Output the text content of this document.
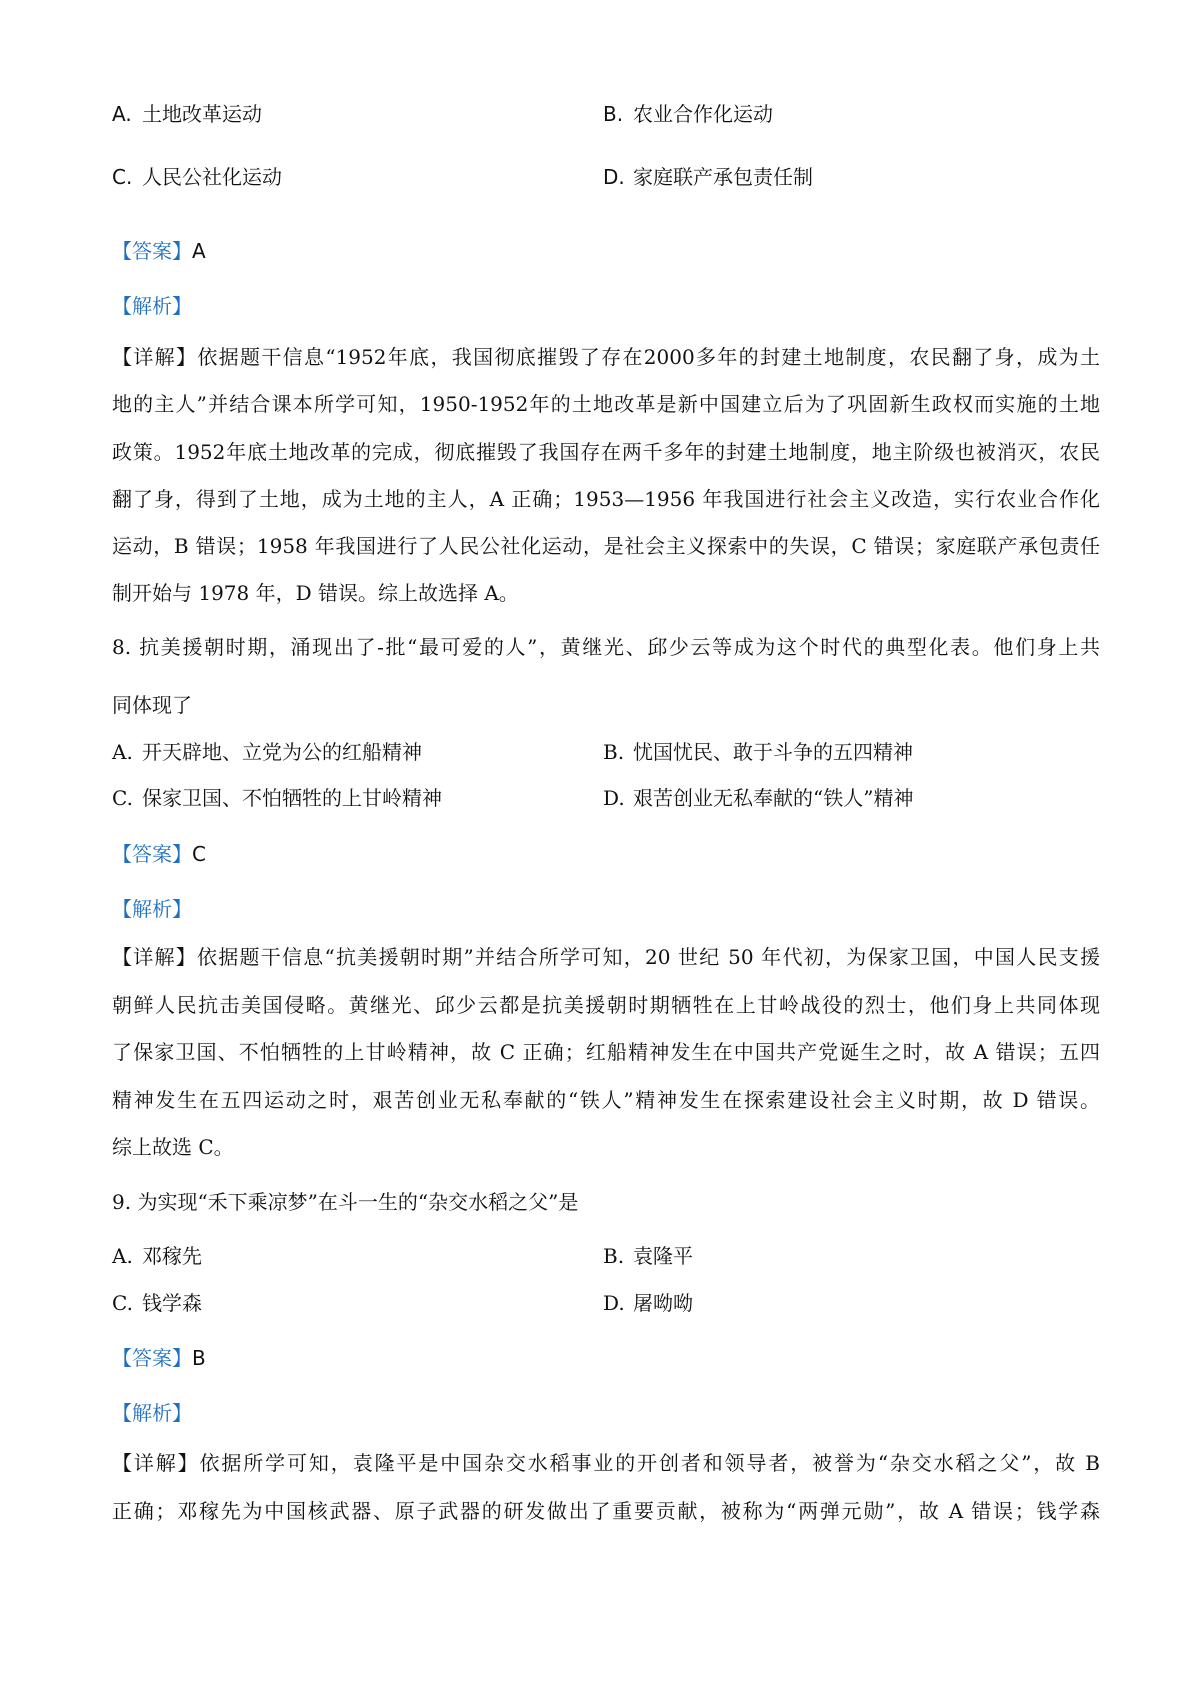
A. 土地改革运动	B. 农业合作化运动
C. 人民公社化运动	D. 家庭联产承包责任制
【答案】A
【解析】
【详解】依据题干信息“1952年底，我国彻底摧毁了存在2000多年的封建土地制度，农民翻了身，成为土
地的主人”并结合课本所学可知，1950-1952年的土地改革是新中国建立后为了巩固新生政权而实施的土地
政策。1952年底土地改革的完成，彻底摧毁了我国存在两千多年的封建土地制度，地主阶级也被消灭，农民
翻了身，得到了土地，成为土地的主人，A 正确；1953—1956 年我国进行社会主义改造，实行农业合作化
运动，B 错误；1958 年我国进行了人民公社化运动，是社会主义探索中的失误，C 错误；家庭联产承包责任
制开始与 1978 年，D 错误。综上故选择 A。
8. 抗美援朝时期，涌现出了-批“最可爱的人”，黄继光、邱少云等成为这个时代的典型化表。他们身上共
同体现了
A. 开天辟地、立党为公的红船精神	B. 忧国忧民、敢于斗争的五四精神
C. 保家卫国、不怕牺牲的上甘岭精神	D. 艰苦创业无私奉献的“铁人”精神
【答案】C
【解析】
【详解】依据题干信息“抗美援朝时期”并结合所学可知，20 世纪 50 年代初，为保家卫国，中国人民支援
朝鲜人民抗击美国侵略。黄继光、邱少云都是抗美援朝时期牺牲在上甘岭战役的烈士，他们身上共同体现
了保家卫国、不怕牺牲的上甘岭精神，故 C 正确；红船精神发生在中国共产党诞生之时，故 A 错误；五四
精神发生在五四运动之时，艰苦创业无私奉献的“铁人”精神发生在探索建设社会主义时期，故 D 错误。
综上故选 C。
9. 为实现“禾下乘凉梦”在斗一生的“杂交水稻之父”是
A. 邓稼先	B. 袁隆平
C. 钱学森	D. 屠呦呦
【答案】B
【解析】
【详解】依据所学可知，袁隆平是中国杂交水稻事业的开创者和领导者，被誉为“杂交水稻之父”，故 B
正确；邓稼先为中国核武器、原子武器的研发做出了重要贡献，被称为“两弹元勋”，故 A 错误；钱学森
